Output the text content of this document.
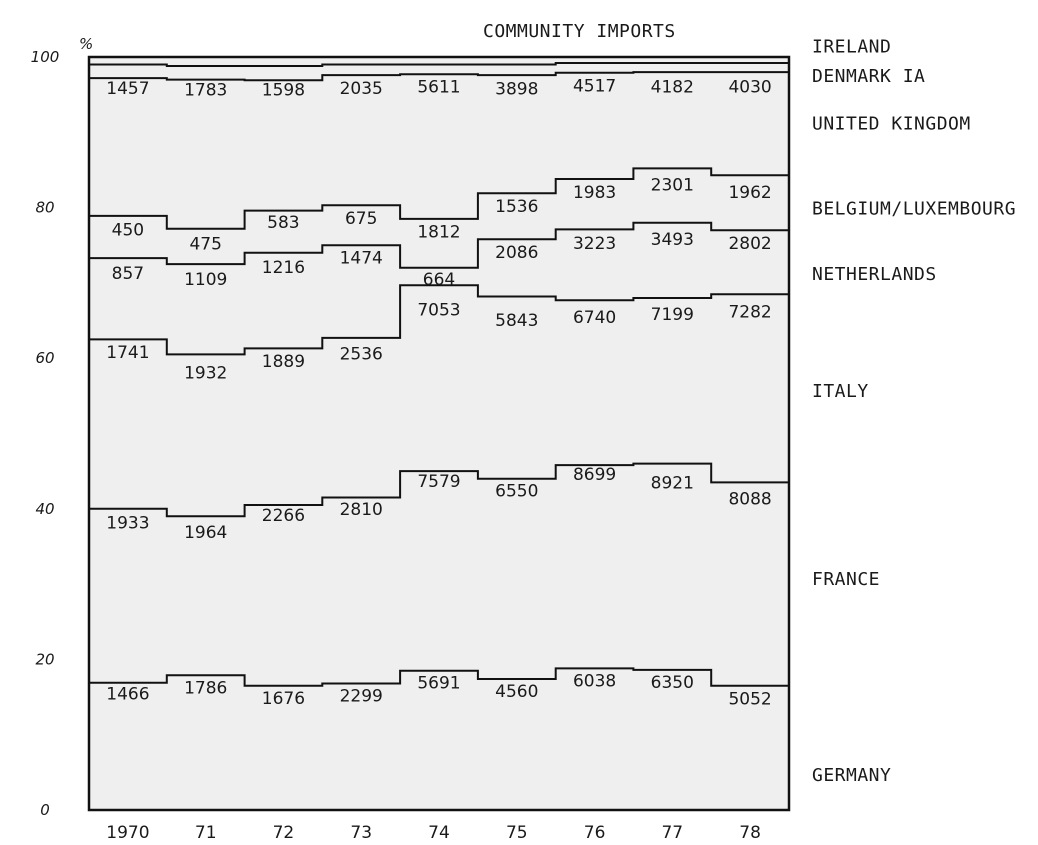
1466 1786
1676 2299
5691 4560
6038 6350
5052
1933 1964
2266 2810
7579 6550
8699 8921
8088
1741
1932
1889 2536
7053
5843 6740 7199 7282
857 1109
1216 1474
664
2086 3223 3493 2802
450
475
583	675
1812
1536
1983 2301 1962
1457 1783 1598 2035 5611 3898 4517 4182 4030
0
20
40
60
80
100
1970	71	72	73	74	75	76	77	78
GERMANY
FRANCE
ITALY
NETHERLANDS
BELGIUM/LUXEMBOURG
UNITED KINGDOM
DENMARK IA
IRELAND
COMMUNITY IMPORTS
%
